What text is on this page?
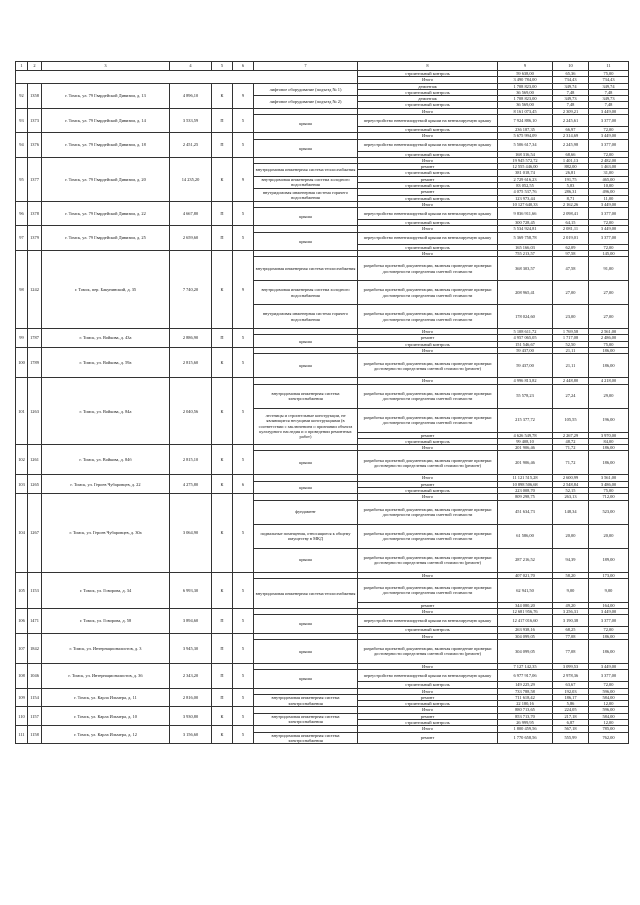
1	2	3	4	5	6	7	8	9	10	11
							строительный контроль	59 638,00	65,36	75,00
							Итого	3 490 784,00	734,43	734,43
92	1358	г. Томск, ул. 79 Гвардейской Дивизии, д. 13	4 896,10	К	9	лифтовое оборудование (подъезд № 1)	демонтаж	1 708 823,00	349,74	349,74
							строительный контроль	36 569,00	7,48	7,48
						лифтовое оборудование (подъезд № 2)	демонтаж	1 708 823,00	349,73	349,73
							строительный контроль	36 569,00	7,48	7,48
93	1373	г. Томск, ул. 79 Гвардейской Дивизии, д. 14	3 533,59	П	5		Итого	8 161 073,45	2 309,21	3 449,00
						крыша	переустройство невентилируемой крыши на вентилируемую крышу	7 924 886,10	2 245,61	3 377,00
							строительный контроль	236 187,35	66,97	72,00
94	1376	г. Томск, ул. 79 Гвардейской Дивизии, д. 18	2 451,25	П	5		Итого	5 675 994,09	2 314,69	3 449,00
						крыша	переустройство невентилируемой крыши на вентилируемую крышу	5 506 617,34	2 245,98	3 377,00
							строительный контроль	168 316,54	68,66	72,00
95	1377	г. Томск, ул. 79 Гвардейской Дивизии, д. 20	14 235,20	К	9		Итого	19 945 572,72	1 401,13	2 482,00
						внутридомовая инженерная система теплоснабжения	ремонт	12 555 446,00	882,00	1 463,00
							строительный контроль	381 018,74	26,81	31,00
						внутридомовая инженерная система холодного водоснабжения	ремонт	2 729 616,23	191,75	465,00
							строительный контроль	83 052,55	5,83	10,00
						внутридомовая инженерная система горячего водоснабжения	ремонт	4 075 537,76	286,31	496,00
							строительный контроль	123 973,44	8,71	11,00
96	1378	г. Томск, ул. 79 Гвардейской Дивизии, д. 22	4 667,80	П	5		Итого	10 127 640,33	2 162,26	3 449,00
						крыша	переустройство невентилируемой крыши на вентилируемую крышу	9 836 911,66	2 098,41	3 377,00
							строительный контроль	300 728,45	64,15	72,00
97	1379	г. Томск, ул. 79 Гвардейской Дивизии, д. 25	2 659,60	П	5		Итого	5 534 924,81	2 081,11	3 449,00
						крыша	переустройство невентилируемой крыши на вентилируемую крышу	5 369 758,78	2 019,01	3 377,00
							строительный контроль	165 166,03	62,09	72,00
98	1242	г. Томск, пер. Бакунинский, д. 35	7 740,20	К	9		Итого	755 213,57	97,58	145,00
						внутридомовая инженерная система теплоснабжения	разработка проектной документации, включая проведение проверки достоверности определения сметной стоимости	368 303,57	47,58	91,00
						внутридомовая инженерная система холодного водоснабжения	разработка проектной документации, включая проведение проверки достоверности определения сметной стоимости	208 965,41	27,00	27,00
						внутридомовая инженерная система горячего водоснабжения	разработка проектной документации, включая проведение проверки достоверности определения сметной стоимости	178 024,60	23,00	27,00
99	1787	г. Томск, ул. Войкова, д. 43а	2 886,90	П	5		Итого	5 108 611,72	1 769,58	2 561,00
						крыша	ремонт	4 957 065,05	1 717,08	2 486,00
							строительный контроль	151 546,67	52,50	75,00
100	1789	г. Томск, ул. Войкова, д. 59а	2 815,60	К	5		Итого	59 437,00	21,11	186,00
						крыша	разработка проектной документации, включая проведение проверки достоверности определения сметной стоимости (ремонт)	59 437,00	21,11	186,00
101	1263	г. Томск, ул. Войкова, д. 84а	2 040,56	К	5		Итого	4 996 813,82	2 448,80	4 218,00
						внутридомовая инженерная система электроснабжения	разработка проектной документации, включая проведение проверки достоверности определения сметной стоимости	55 578,23	27,24	29,00
						лестницы и строительные конструкции, не являющиеся несущими конструкциями (в соответствии с заключением о признании объекта культурного наследия и о проведении ремонтных работ)	разработка проектной документации, включая проведение проверки достоверности определения сметной стоимости	215 377,72	105,55	196,00
							ремонт	4 626 549,78	2 267,29	3 970,00
							строительный контроль	99 408,10	48,72	84,00
102	1261	г. Томск, ул. Войкова, д. 84б	2 815,10	К	5		Итого	201 906,46	71,72	186,00
						крыша	разработка проектной документации, включая проведение проверки достоверности определения сметной стоимости (ремонт)	201 906,46	71,72	186,00
103	1265	г. Томск, ул. Героев Чубаровцев, д. 22	4 275,80	К	6		Итого	11 121 515,28	2 600,99	3 561,00
						крыша	ремонт	10 898 506,68	2 548,84	3 486,00
							строительный контроль	223 008,70	52,15	75,00
104	1267	г. Томск, ул. Героев Чубаровцев, д. 30а	3 064,90	К	5		Итого	809 298,75	263,13	712,00
						фундамент	разработка проектной документации, включая проведение проверки достоверности определения сметной стоимости	451 634,73	148,34	523,00
						подвальные помещения, относящиеся к общему имуществу в МКД	разработка проектной документации, включая проведение проверки достоверности определения сметной стоимости	61 586,00	20,00	20,00
						крыша	разработка проектной документации, включая проведение проверки достоверности определения сметной стоимости (ремонт)	287 216,52	94,39	189,00
105	1153	г. Томск, ул. Говорова, д. 34	6 993,30	К	5		Итого	407 021,70	58,20	173,00
						внутридомовая инженерная система теплоснабжения	разработка проектной документации, включая проведение проверки достоверности определения сметной стоимости	62 941,50	9,00	9,00
							ремонт	344 080,20	49,20	164,00
106	1471	г. Томск, ул. Говорова, д. 58	3 894,60	П	5		Итого	12 681 956,76	3 256,31	3 449,00
						крыша	переустройство невентилируемой крыши на вентилируемую крышу	12 417 016,60	3 190,38	3 377,00
							строительный контроль	263 938,16	68,25	72,00
107	1842	г. Томск, ул. Интернационалистов, д. 3	3 945,30	П	5		Итого	304 099,05	77,08	186,00
						крыша	разработка проектной документации, включая проведение проверки достоверности определения сметной стоимости (ремонт)	304 099,05	77,08	186,00
108	1046	г. Томск, ул. Интернационалистов, д. 36	2 343,20	П	5		Итого	7 127 142,35	3 099,53	3 449,00
						крыша	переустройство невентилируемой крыши на вентилируемую крышу	6 977 917,06	2 978,36	3 377,00
							строительный контроль	149 225,29	63,67	72,00
109	1154	г. Томск, ул. Карла Ильмера, д. 11	2 816,00	П	5		Итого	733 788,58	192,03	596,00
						внутридомовая инженерная система электроснабжения	ремонт	711 618,42	186,17	584,00
							строительный контроль	22 180,16	5,86	12,00
110	1157	г. Томск, ул. Карла Ильмера, д. 10	3 930,80	К	5		Итого	880 713,65	224,05	596,00
						внутридомовая инженерная система электроснабжения	ремонт	853 713,70	217,18	584,00
							строительный контроль	26 999,95	6,87	12,00
111	1158	г. Томск, ул. Карла Ильмера, д. 12	3 156,60	К	5		Итого	1 800 459,56	567,18	785,00
						внутридомовая инженерная система электроснабжения	ремонт	1 770 658,56	555,99	762,00
